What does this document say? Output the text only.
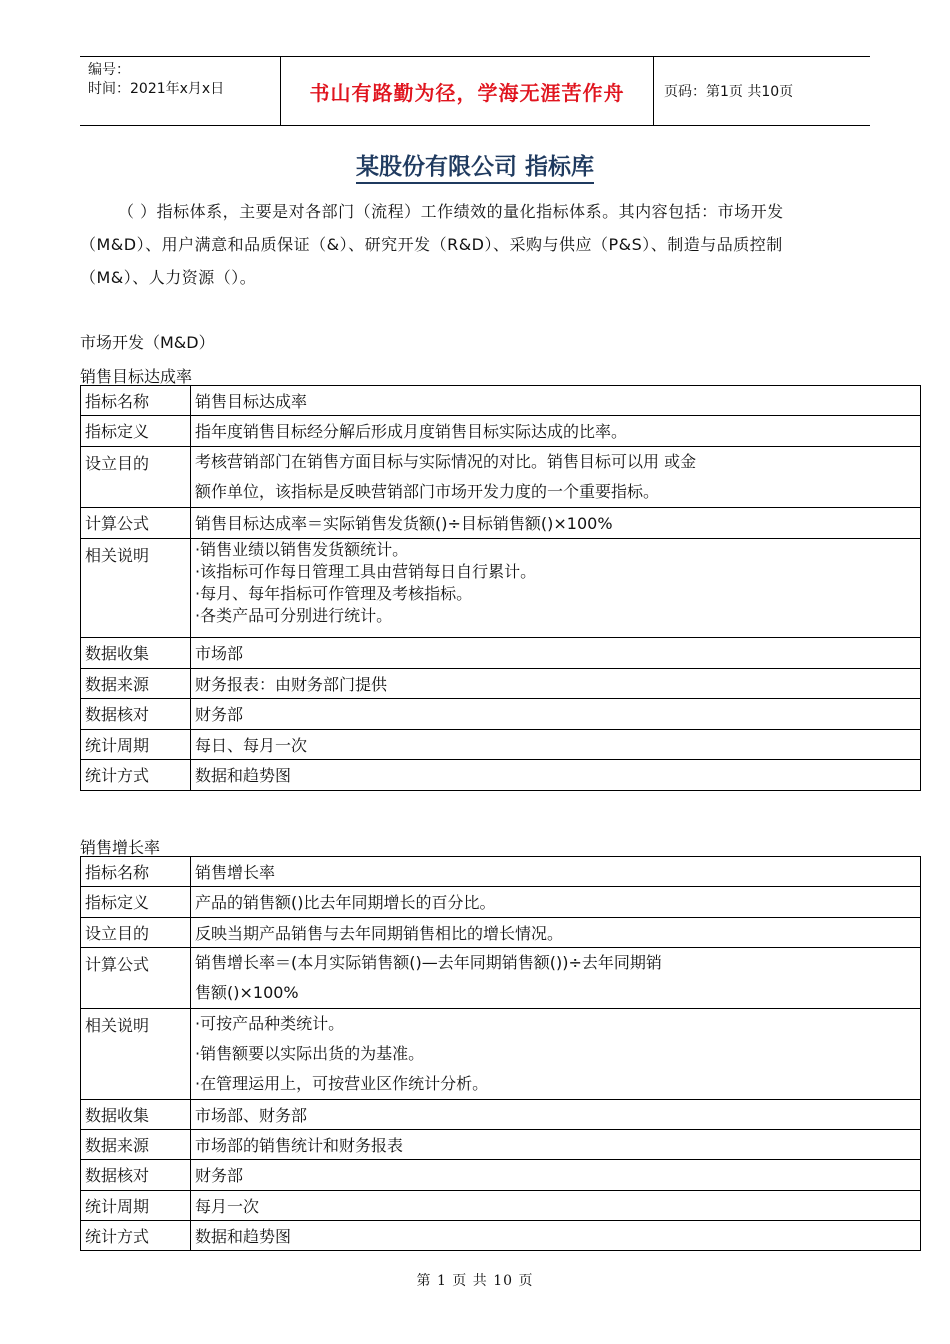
编号：
时间：2021年x月x日	书山有路勤为径，学海无涯苦作舟	页码：第1页 共10页
某股份有限公司 指标库
（ ）指标体系，主要是对各部门（流程）工作绩效的量化指标体系。其内容包括：市场开发（M&D）、用户满意和品质保证（&）、研究开发（R&D）、采购与供应（P&S）、制造与品质控制（M&）、人力资源（）。
市场开发（M&D）
销售目标达成率
指标名称	销售目标达成率

指标定义	指年度销售目标经分解后形成月度销售目标实际达成的比率。

设立目的	考核营销部门在销售方面目标与实际情况的对比。销售目标可以用 或金
额作单位，该指标是反映营销部门市场开发力度的一个重要指标。

计算公式	销售目标达成率＝实际销售发货额()÷目标销售额()×100%

相关说明	·销售业绩以销售发货额统计。
·该指标可作每日管理工具由营销每日自行累计。
·每月、每年指标可作管理及考核指标。
·各类产品可分别进行统计。

数据收集	市场部

数据来源	财务报表：由财务部门提供

数据核对	财务部

统计周期	每日、每月一次

统计方式	数据和趋势图
销售增长率
指标名称	销售增长率

指标定义	产品的销售额()比去年同期增长的百分比。

设立目的	反映当期产品销售与去年同期销售相比的增长情况。

计算公式	销售增长率＝(本月实际销售额()—去年同期销售额())÷去年同期销
售额()×100%

相关说明	·可按产品种类统计。
·销售额要以实际出货的为基准。
·在管理运用上，可按营业区作统计分析。

数据收集	市场部、财务部

数据来源	市场部的销售统计和财务报表

数据核对	财务部

统计周期	每月一次

统计方式	数据和趋势图
第 1 页 共 10 页
